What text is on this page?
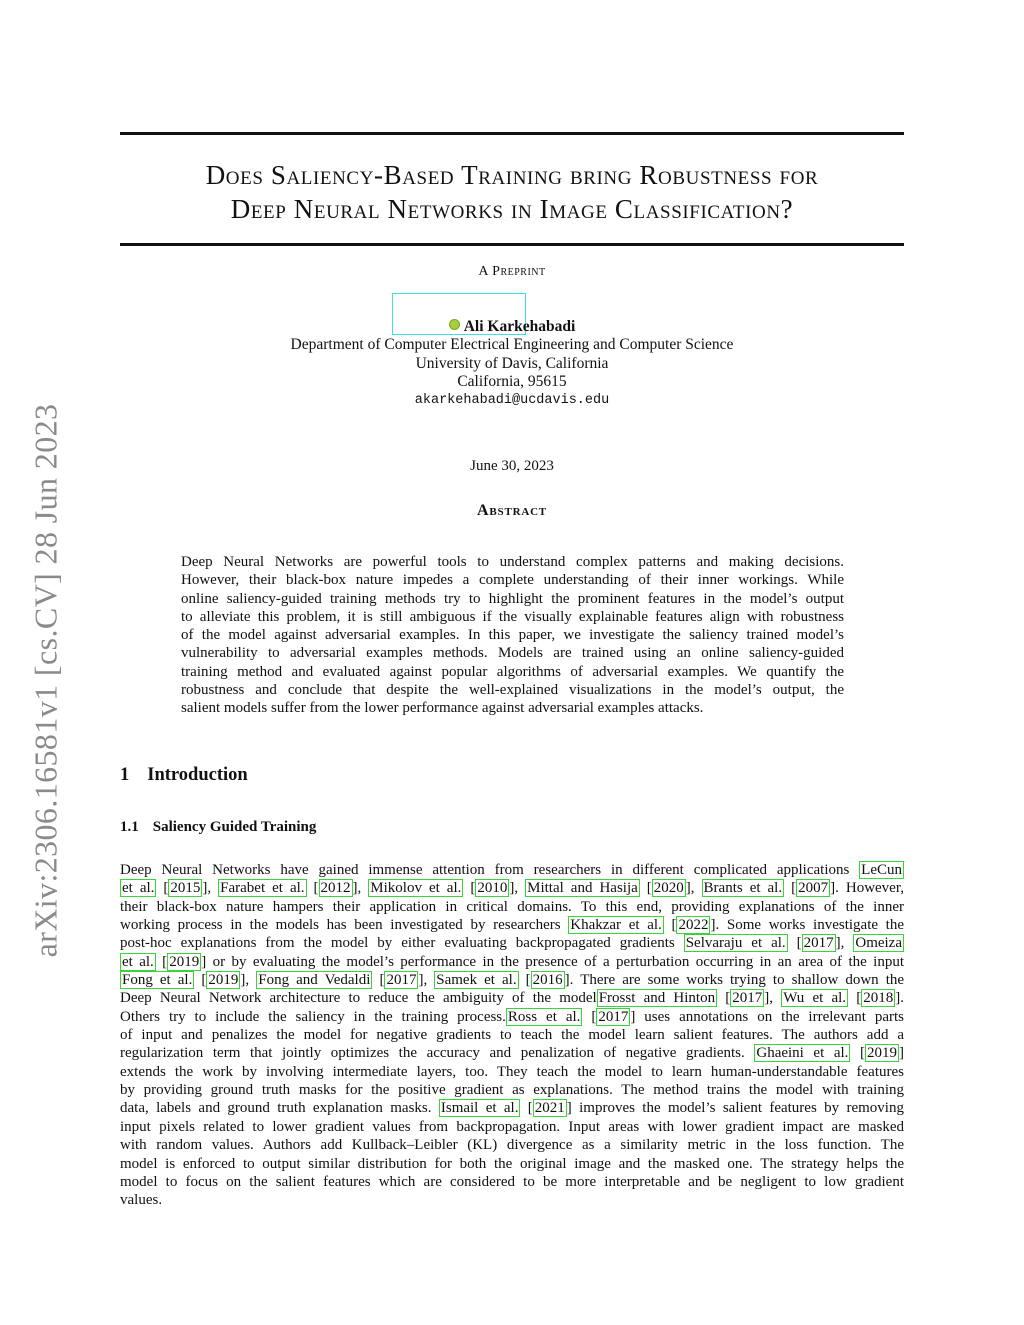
arXiv:2306.16581v1 [cs.CV] 28 Jun 2023
Does Saliency-Based Training bring Robustness for
Deep Neural Networks in Image Classification?
A Preprint
Ali Karkehabadi
Department of Computer Electrical Engineering and Computer Science
University of Davis, California
California, 95615
akarkehabadi@ucdavis.edu
June 30, 2023
Abstract
Deep Neural Networks are powerful tools to understand complex patterns and making decisions.
However, their black-box nature impedes a complete understanding of their inner workings. While
online saliency-guided training methods try to highlight the prominent features in the model’s output
to alleviate this problem, it is still ambiguous if the visually explainable features align with robustness
of the model against adversarial examples. In this paper, we investigate the saliency trained model’s
vulnerability to adversarial examples methods. Models are trained using an online saliency-guided
training method and evaluated against popular algorithms of adversarial examples. We quantify the
robustness and conclude that despite the well-explained visualizations in the model’s output, the
salient models suffer from the lower performance against adversarial examples attacks.
1 Introduction
1.1 Saliency Guided Training
Deep Neural Networks have gained immense attention from researchers in different complicated applications LeCun
et al. [ 2015 ], Farabet et al. [ 2012 ], Mikolov et al. [ 2010 ], Mittal and Hasija [ 2020 ], Brants et al. [ 2007 ]. However,
their black-box nature hampers their application in critical domains. To this end, providing explanations of the inner
working process in the models has been investigated by researchers Khakzar et al. [ 2022 ]. Some works investigate the
post-hoc explanations from the model by either evaluating backpropagated gradients Selvaraju et al. [ 2017 ], Omeiza
et al. [ 2019 ] or by evaluating the model’s performance in the presence of a perturbation occurring in an area of the input
Fong et al. [ 2019 ], Fong and Vedaldi [ 2017 ], Samek et al. [ 2016 ]. There are some works trying to shallow down the
Deep Neural Network architecture to reduce the ambiguity of the model Frosst and Hinton [ 2017 ], Wu et al. [ 2018 ].
Others try to include the saliency in the training process. Ross et al. [ 2017 ] uses annotations on the irrelevant parts
of input and penalizes the model for negative gradients to teach the model learn salient features. The authors add a
regularization term that jointly optimizes the accuracy and penalization of negative gradients. Ghaeini et al. [ 2019 ]
extends the work by involving intermediate layers, too. They teach the model to learn human-understandable features
by providing ground truth masks for the positive gradient as explanations. The method trains the model with training
data, labels and ground truth explanation masks. Ismail et al. [ 2021 ] improves the model’s salient features by removing
input pixels related to lower gradient values from backpropagation. Input areas with lower gradient impact are masked
with random values. Authors add Kullback–Leibler (KL) divergence as a similarity metric in the loss function. The
model is enforced to output similar distribution for both the original image and the masked one. The strategy helps the
model to focus on the salient features which are considered to be more interpretable and be negligent to low gradient
values.
